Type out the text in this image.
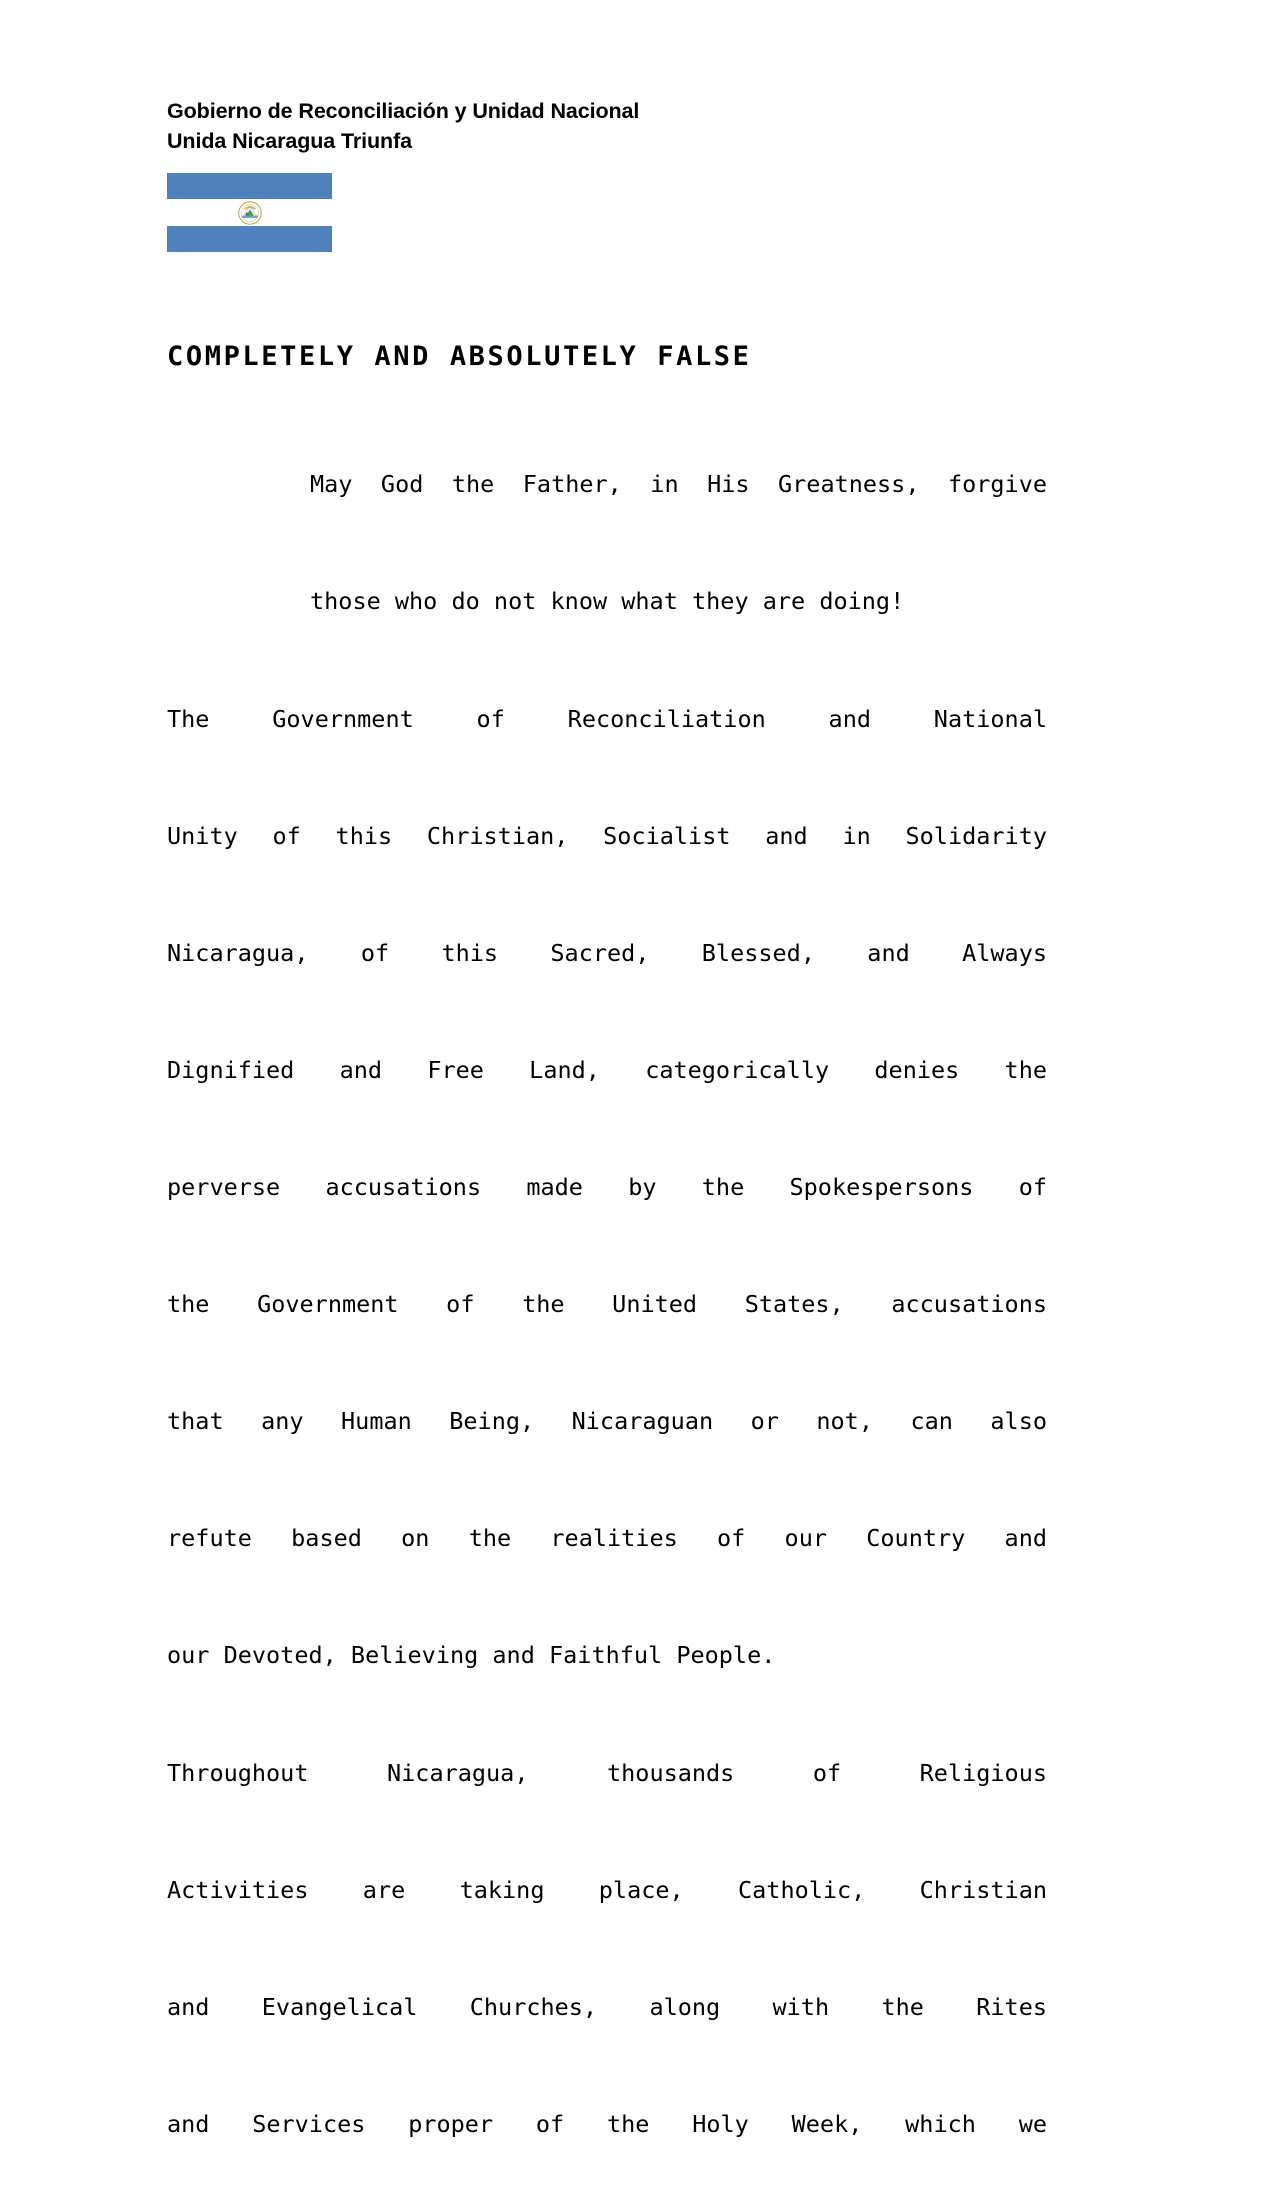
Gobierno de Reconciliación y Unidad Nacional
Unida Nicaragua Triunfa
COMPLETELY AND ABSOLUTELY FALSE

May God the Father, in His Greatness, forgive
those who do not know what they are doing!

The Government of Reconciliation and National
Unity of this Christian, Socialist and in Solidarity
Nicaragua, of this Sacred, Blessed, and Always
Dignified and Free Land, categorically denies the
perverse accusations made by the Spokespersons of
the Government of the United States, accusations
that any Human Being, Nicaraguan or not, can also
refute based on the realities of our Country and
our Devoted, Believing and Faithful People.

Throughout Nicaragua, thousands of Religious
Activities are taking place, Catholic, Christian
and Evangelical Churches, along with the Rites
and Services proper of the Holy Week, which we
